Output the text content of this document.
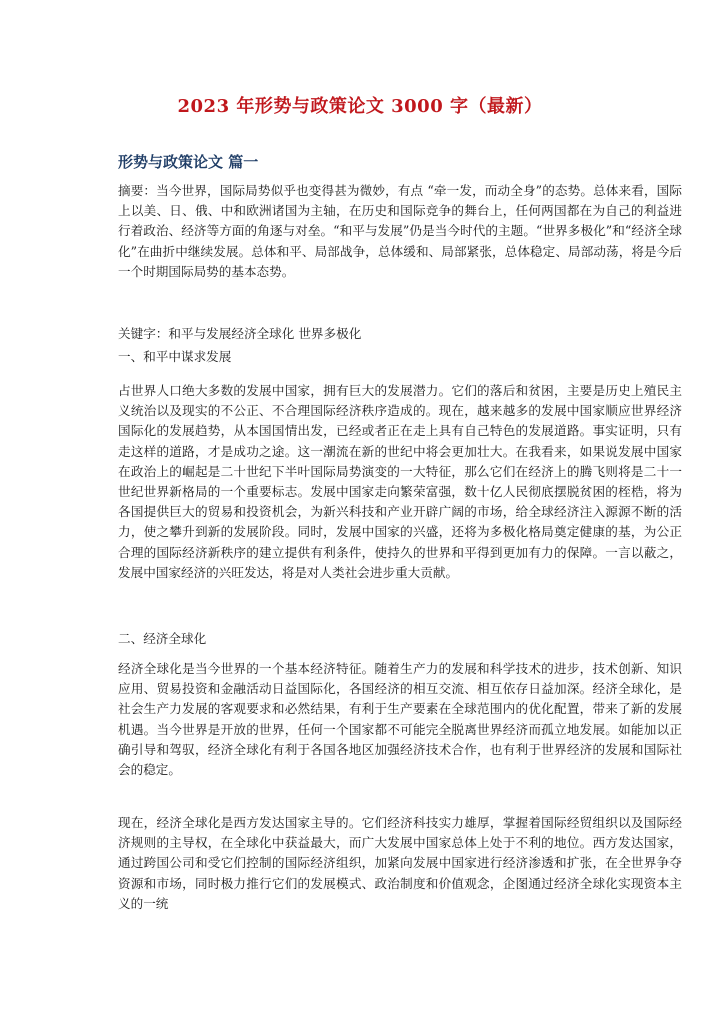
2023 年形势与政策论文 3000 字（最新）
形势与政策论文 篇一

摘要：当今世界，国际局势似乎也变得甚为微妙，有点 “牵一发，而动全身”的态势。总体来看，国际上以美、日、俄、中和欧洲诸国为主轴，在历史和国际竞争的舞台上，任何两国都在为自己的利益进行着政治、经济等方面的角逐与对垒。“和平与发展”仍是当今时代的主题。“世界多极化”和“经济全球化”在曲折中继续发展。总体和平、局部战争，总体缓和、局部紧张，总体稳定、局部动荡，将是今后一个时期国际局势的基本态势。

关键字：和平与发展经济全球化 世界多极化

一、和平中谋求发展

占世界人口绝大多数的发展中国家，拥有巨大的发展潜力。它们的落后和贫困，主要是历史上殖民主义统治以及现实的不公正、不合理国际经济秩序造成的。现在，越来越多的发展中国家顺应世界经济国际化的发展趋势，从本国国情出发，已经或者正在走上具有自己特色的发展道路。事实证明，只有走这样的道路，才是成功之途。这一潮流在新的世纪中将会更加壮大。在我看来，如果说发展中国家在政治上的崛起是二十世纪下半叶国际局势演变的一大特征，那么它们在经济上的腾飞则将是二十一世纪世界新格局的一个重要标志。发展中国家走向繁荣富强，数十亿人民彻底摆脱贫困的桎梏，将为各国提供巨大的贸易和投资机会，为新兴科技和产业开辟广阔的市场，给全球经济注入源源不断的活力，使之攀升到新的发展阶段。同时，发展中国家的兴盛，还将为多极化格局奠定健康的基，为公正合理的国际经济新秩序的建立提供有利条件，使持久的世界和平得到更加有力的保障。一言以蔽之，发展中国家经济的兴旺发达，将是对人类社会进步重大贡献。

二、经济全球化

经济全球化是当今世界的一个基本经济特征。随着生产力的发展和科学技术的进步，技术创新、知识应用、贸易投资和金融活动日益国际化，各国经济的相互交流、相互依存日益加深。经济全球化，是社会生产力发展的客观要求和必然结果，有利于生产要素在全球范围内的优化配置，带来了新的发展机遇。当今世界是开放的世界，任何一个国家都不可能完全脱离世界经济而孤立地发展。如能加以正确引导和驾驭，经济全球化有利于各国各地区加强经济技术合作，也有利于世界经济的发展和国际社会的稳定。

现在，经济全球化是西方发达国家主导的。它们经济科技实力雄厚，掌握着国际经贸组织以及国际经济规则的主导权，在全球化中获益最大，而广大发展中国家总体上处于不利的地位。西方发达国家，通过跨国公司和受它们控制的国际经济组织，加紧向发展中国家进行经济渗透和扩张，在全世界争夺资源和市场，同时极力推行它们的发展模式、政治制度和价值观念，企图通过经济全球化实现资本主义的一统
